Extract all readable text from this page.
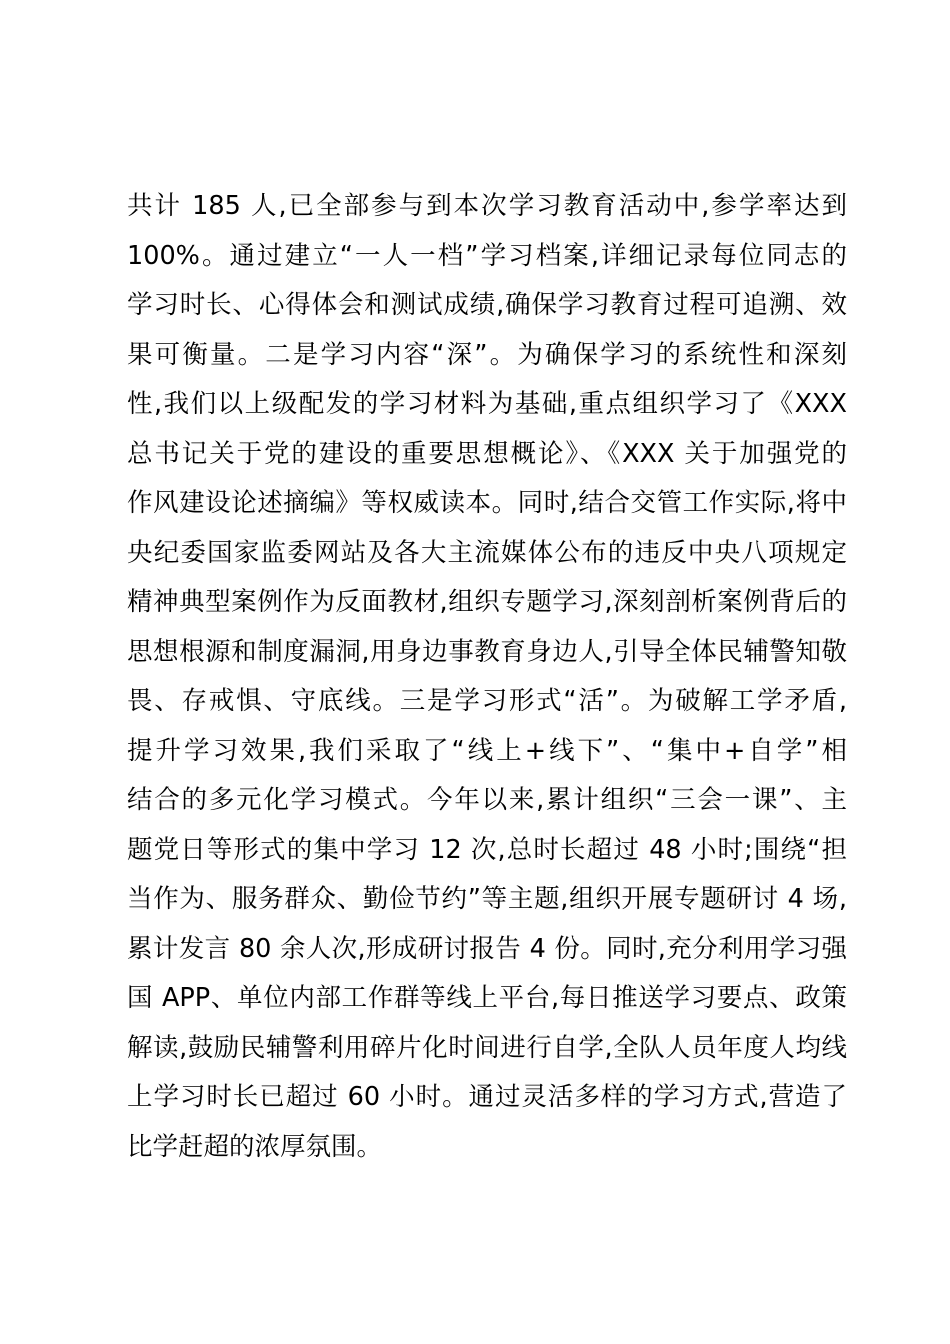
共计 185 人,已全部参与到本次学习教育活动中,参学率达到
100%。通过建立“一人一档”学习档案,详细记录每位同志的
学习时长、心得体会和测试成绩,确保学习教育过程可追溯、效
果可衡量。二是学习内容“深”。为确保学习的系统性和深刻
性,我们以上级配发的学习材料为基础,重点组织学习了《XXX
总书记关于党的建设的重要思想概论》、《XXX 关于加强党的
作风建设论述摘编》等权威读本。同时,结合交管工作实际,将中
央纪委国家监委网站及各大主流媒体公布的违反中央八项规定
精神典型案例作为反面教材,组织专题学习,深刻剖析案例背后的
思想根源和制度漏洞,用身边事教育身边人,引导全体民辅警知敬
畏、存戒惧、守底线。三是学习形式“活”。为破解工学矛盾,
提升学习效果,我们采取了“线上+线下”、“集中+自学”相
结合的多元化学习模式。今年以来,累计组织“三会一课”、主
题党日等形式的集中学习 12 次,总时长超过 48 小时;围绕“担
当作为、服务群众、勤俭节约”等主题,组织开展专题研讨 4 场,
累计发言 80 余人次,形成研讨报告 4 份。同时,充分利用学习强
国 APP、单位内部工作群等线上平台,每日推送学习要点、政策
解读,鼓励民辅警利用碎片化时间进行自学,全队人员年度人均线
上学习时长已超过 60 小时。通过灵活多样的学习方式,营造了
比学赶超的浓厚氛围。
